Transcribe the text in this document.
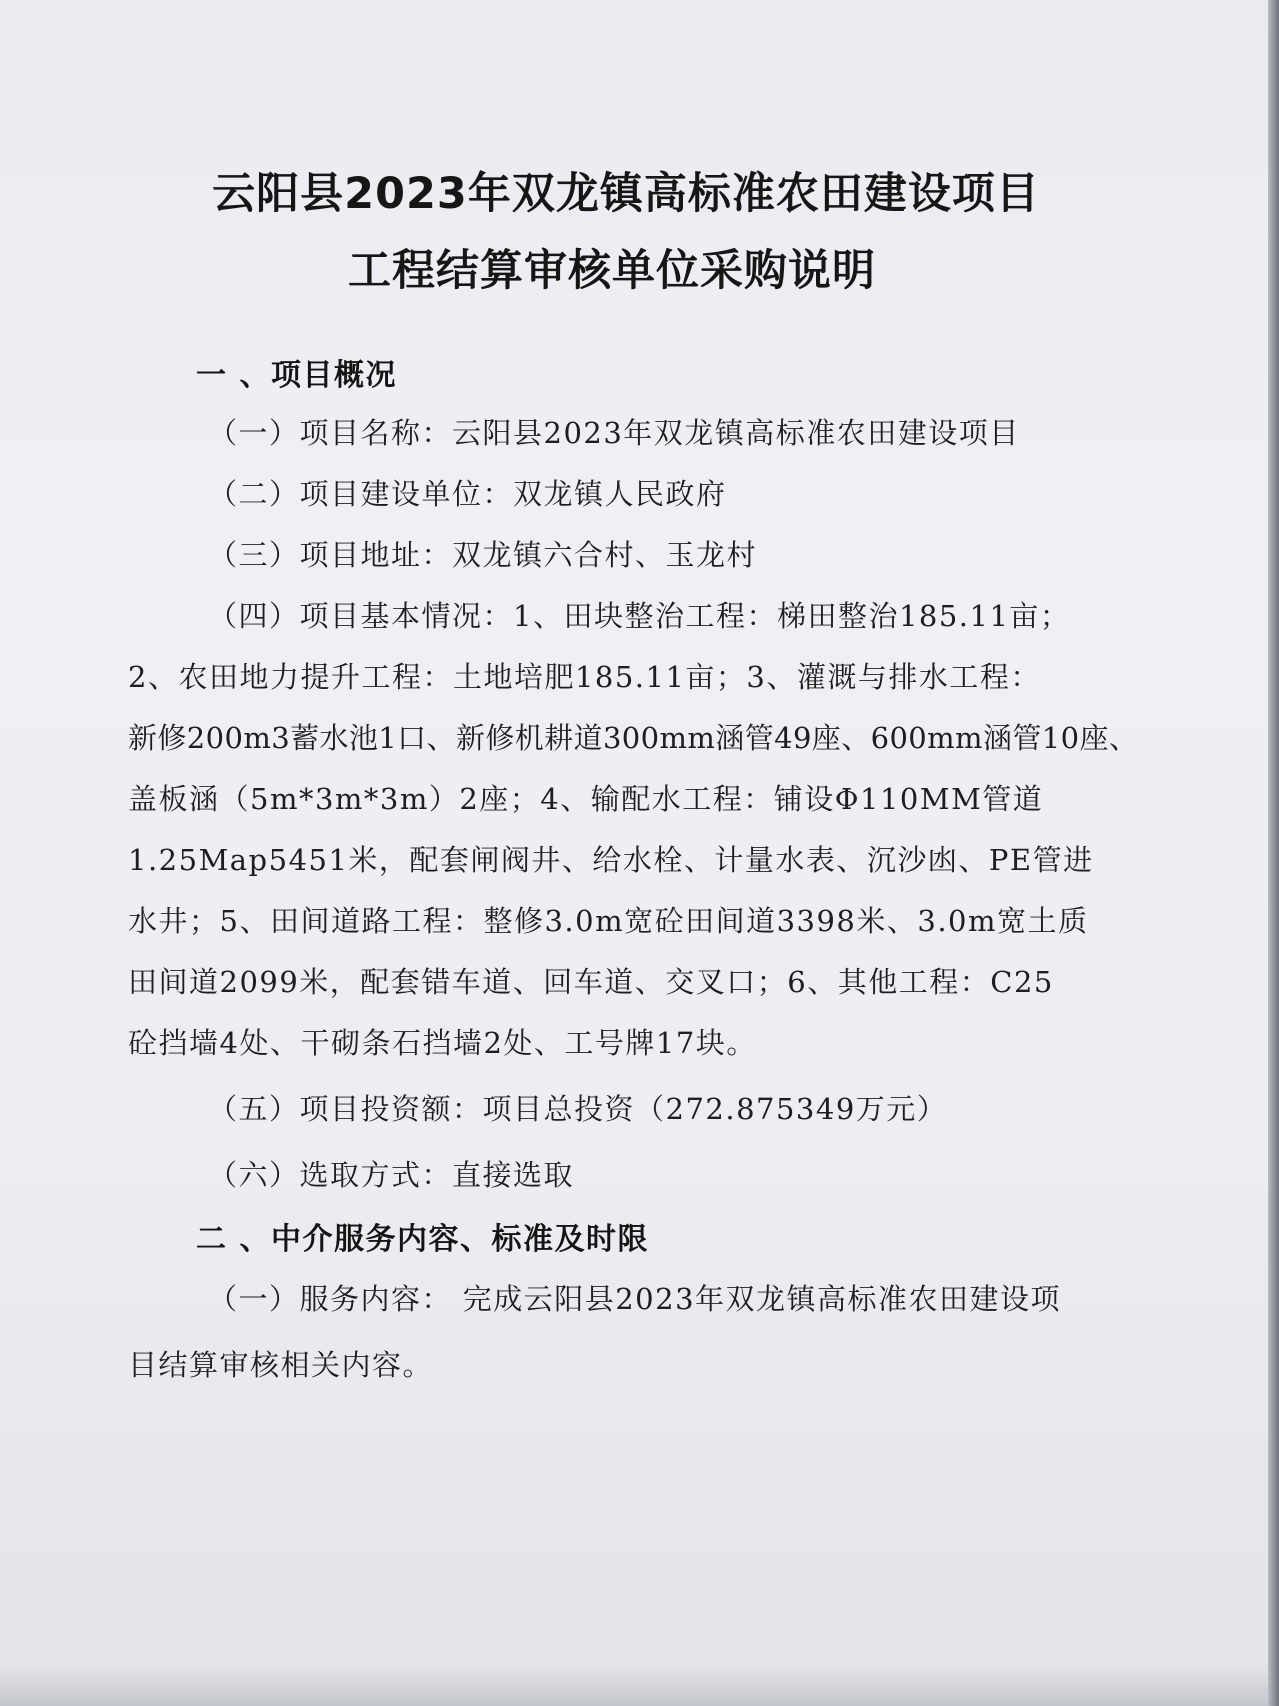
云阳县2023年双龙镇高标准农田建设项目
工程结算审核单位采购说明
一 、项目概况
（一）项目名称：云阳县2023年双龙镇高标准农田建设项目
（二）项目建设单位：双龙镇人民政府
（三）项目地址：双龙镇六合村、玉龙村
（四）项目基本情况：1、田块整治工程：梯田整治185.11亩；
2、农田地力提升工程：土地培肥185.11亩；3、灌溉与排水工程：
新修200m3蓄水池1口、新修机耕道300mm涵管49座、600mm涵管10座、
盖板涵（5m*3m*3m）2座；4、输配水工程：铺设Φ110MM管道
1.25Map5451米，配套闸阀井、给水栓、计量水表、沉沙凼、PE管进
水井；5、田间道路工程：整修3.0m宽砼田间道3398米、3.0m宽土质
田间道2099米，配套错车道、回车道、交叉口；6、其他工程：C25
砼挡墙4处、干砌条石挡墙2处、工号牌17块。
（五）项目投资额：项目总投资（272.875349万元）
（六）选取方式：直接选取
二 、中介服务内容、标准及时限
（一）服务内容： 完成云阳县2023年双龙镇高标准农田建设项
目结算审核相关内容。
